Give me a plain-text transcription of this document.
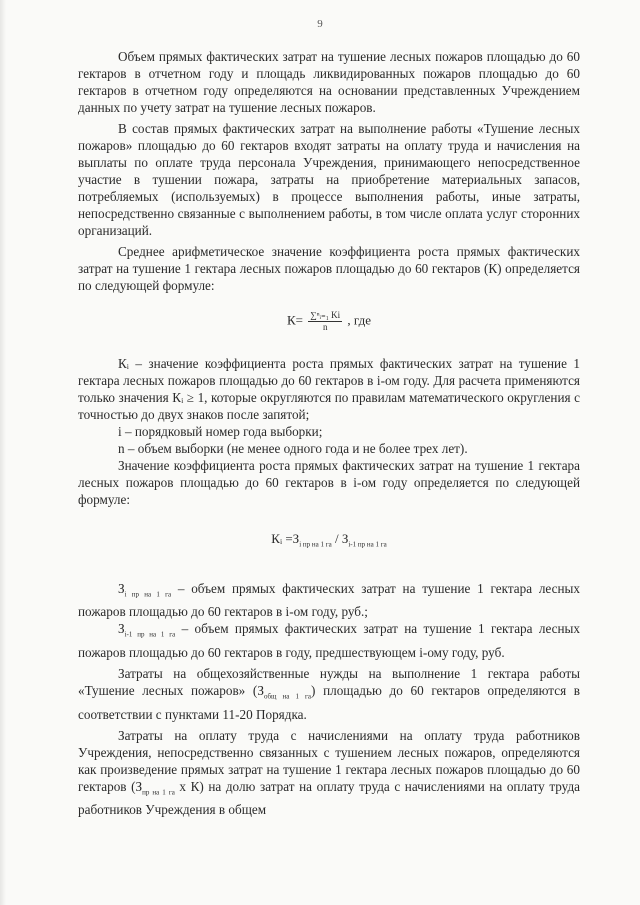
9

Объем прямых фактических затрат на тушение лесных пожаров площадью до 60 гектаров в отчетном году и площадь ликвидированных пожаров площадью до 60 гектаров в отчетном году определяются на основании представленных Учреждением данных по учету затрат на тушение лесных пожаров.

В состав прямых фактических затрат на выполнение работы «Тушение лесных пожаров» площадью до 60 гектаров входят затраты на оплату труда и начисления на выплаты по оплате труда персонала Учреждения, принимающего непосредственное участие в тушении пожара, затраты на приобретение материальных запасов, потребляемых (используемых) в процессе выполнения работы, иные затраты, непосредственно связанные с выполнением работы, в том числе оплата услуг сторонних организаций.

Среднее арифметическое значение коэффициента роста прямых фактических затрат на тушение 1 гектара лесных пожаров площадью до 60 гектаров (К) определяется по следующей формуле:

$К= \frac{\text{∑ⁿᵢ₌₁ Ki}}{n}$ , где

Кᵢ – значение коэффициента роста прямых фактических затрат на тушение 1 гектара лесных пожаров площадью до 60 гектаров в i-ом году. Для расчета применяются только значения Кᵢ ≥ 1, которые округляются по правилам математического округления с точностью до двух знаков после запятой;

i – порядковый номер года выборки;

n – объем выборки (не менее одного года и не более трех лет).

Значение коэффициента роста прямых фактических затрат на тушение 1 гектара лесных пожаров площадью до 60 гектаров в i-ом году определяется по следующей формуле:

Кᵢ $=З_{i пр на 1 га} / З_{i-1 пр на 1 га}$

$З_{i пр на 1 га}$ – объем прямых фактических затрат на тушение 1 гектара лесных пожаров площадью до 60 гектаров в i-ом году, руб.;

$З_{i-1 пр на 1 га}$ – объем прямых фактических затрат на тушение 1 гектара лесных пожаров площадью до 60 гектаров в году, предшествующем i-ому году, руб.

Затраты на общехозяйственные нужды на выполнение 1 гектара работы «Тушение лесных пожаров» $(З_{общ на 1 га})$ площадью до 60 гектаров определяются в соответствии с пунктами 11-20 Порядка.

Затраты на оплату труда с начислениями на оплату труда работников Учреждения, непосредственно связанных с тушением лесных пожаров, определяются как произведение прямых затрат на тушение 1 гектара лесных пожаров площадью до 60 гектаров ($З_{пр на 1 га}$ х К) на долю затрат на оплату труда с начислениями на оплату труда работников Учреждения в общем
